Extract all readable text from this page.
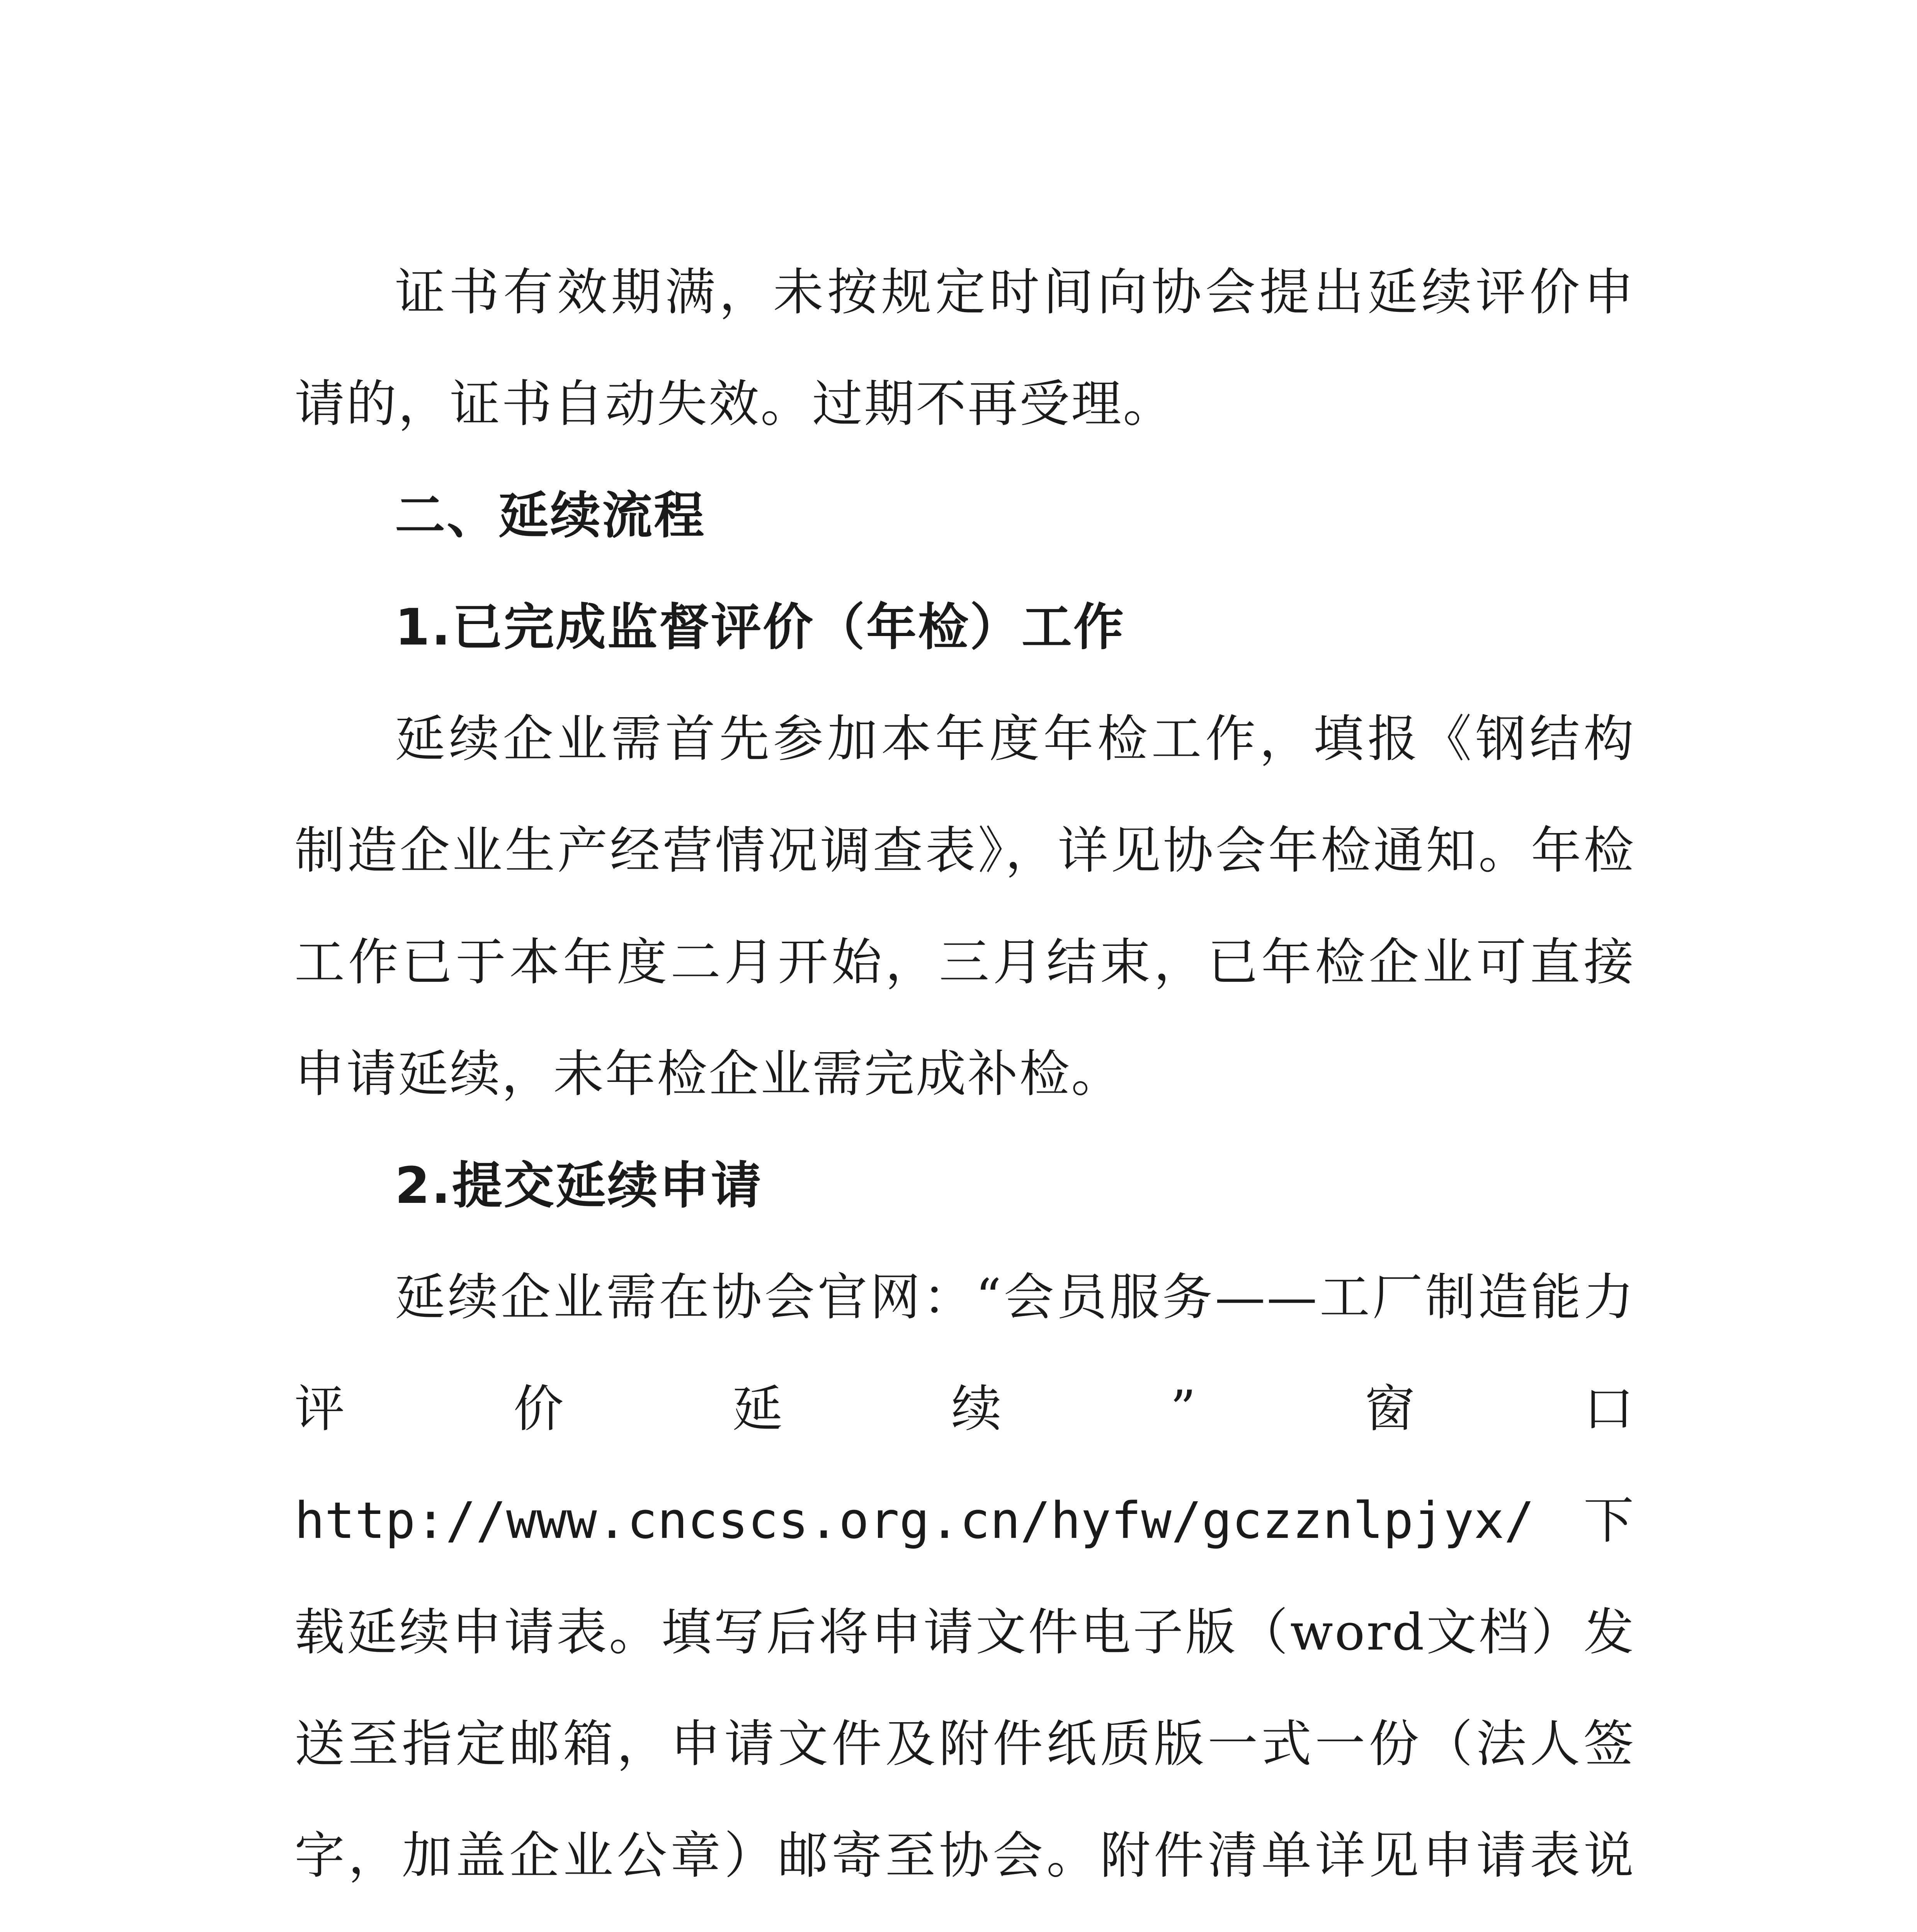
证书有效期满，未按规定时间向协会提出延续评价申请的，证书自动失效。过期不再受理。

二、延续流程

1.已完成监督评价（年检）工作

延续企业需首先参加本年度年检工作，填报《钢结构制造企业生产经营情况调查表》，详见协会年检通知。年检工作已于本年度二月开始，三月结束，已年检企业可直接申请延续，未年检企业需完成补检。

2.提交延续申请

延续企业需在协会官网：“会员服务——工厂制造能力评价延续”窗口http://www.cncscs.org.cn/hyfw/gczznlpjyx/下载延续申请表。填写后将申请文件电子版（word文档）发送至指定邮箱，申请文件及附件纸质版一式一份（法人签字，加盖企业公章）邮寄至协会。附件清单详见申请表说
